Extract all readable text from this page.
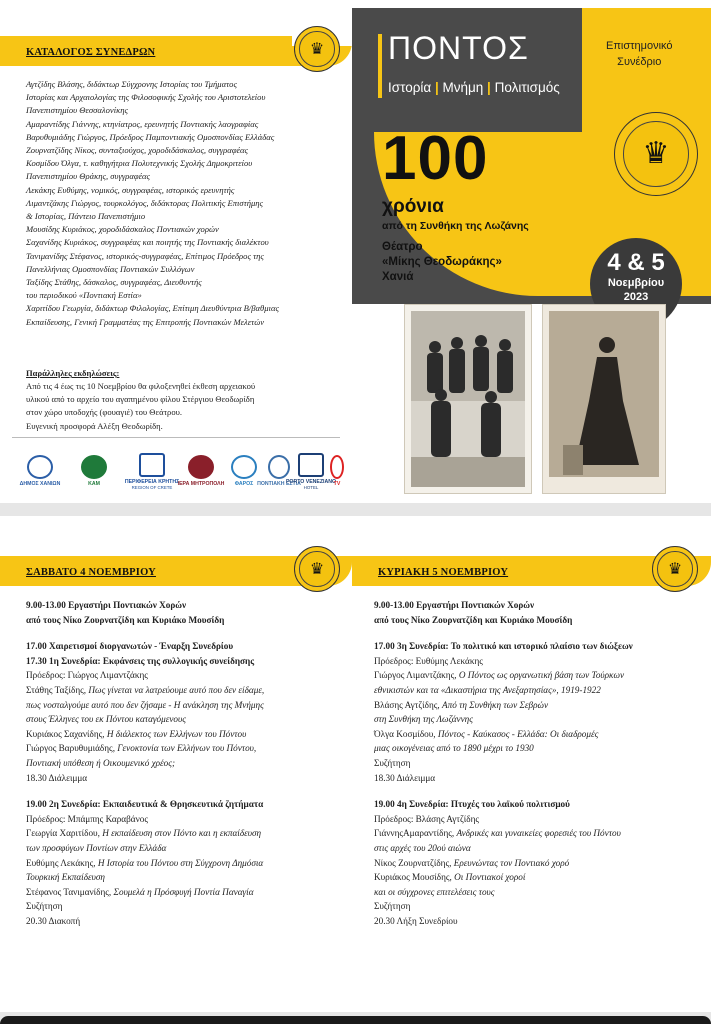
ΚΑΤΑΛΟΓΟΣ ΣΥΝΕΔΡΩΝ	♛
Αγτζίδης Βλάσης, διδάκτωρ Σύγχρονης Ιστορίας του Τμήματος
Ιστορίας και Αρχαιολογίας της Φιλοσοφικής Σχολής του Αριστοτελείου
Πανεπιστημίου Θεσσαλονίκης
Αμαραντίδης Γιάννης, κτηνίατρος, ερευνητής Ποντιακής λαογραφίας
Βαρυθυμιάδης Γιώργος, Πρόεδρος Παμποντιακής Ομοσπονδίας Ελλάδας
Ζουρνατζίδης Νίκος, συνταξιούχος, χοροδιδάσκαλος, συγγραφέας
Κοσμίδου Όλγα, τ. καθηγήτρια Πολυτεχνικής Σχολής Δημοκριτείου
Πανεπιστημίου Θράκης, συγγραφέας
Λεκάκης Ευθύμης, νομικός, συγγραφέας, ιστορικός ερευνητής
Λιμαντζάκης Γιώργος, τουρκολόγος, διδάκτορας Πολιτικής Επιστήμης
& Ιστορίας, Πάντειο Πανεπιστήμιο
Μουσίδης Κυριάκος, χοροδιδάσκαλος Ποντιακών χορών
Σαχανίδης Κυριάκος, συγγραφέας και ποιητής της Ποντιακής διαλέκτου
Τανιμανίδης Στέφανος, ιστορικός-συγγραφέας, Επίτιμος Πρόεδρος της
Πανελλήνιας Ομοσπονδίας Ποντιακών Συλλόγων
Ταξίδης Στάθης, δάσκαλος, συγγραφέας, Διευθυντής
του περιοδικού «Ποντιακή Εστία»
Χαριτίδου Γεωργία, διδάκτωρ Φιλολογίας, Επίτιμη Διευθύντρια Β/βαθμιας
Εκπαίδευσης, Γενική Γραμματέας της Επιτροπής Ποντιακών Μελετών
Παράλληλες εκδηλώσεις:
Από τις 4 έως τις 10 Νοεμβρίου θα φιλοξενηθεί έκθεση αρχειακού
υλικού από το αρχείο του αγαπημένου φίλου Στέργιου Θεοδωρίδη
στον χώρο υποδοχής (φουαγιέ) του Θεάτρου.
Ευγενική προσφορά Αλέξη Θεοδωρίδη.
ΔΗΜΟΣ ΧΑΝΙΩΝ	ΚΑΜ	ΠΕΡΙΦΕΡΕΙΑ ΚΡΗΤΗΣ
REGION OF CRETE ΙΕΡΑ ΜΗΤΡΟΠΟΛΗ ΦΑΡΟΣ ΠΟΝΤΙΑΚΗ ΕΣΤΙΑ
PORTO VENEZIANO
HOTEL	TV
ΠΟΝΤΟΣ
Ιστορία | Μνήμη | Πολιτισμός
Επιστημονικό
Συνέδριο
♛
100
χρόνια
από τη Συνθήκη της Λωζάνης
Θέατρο
«Μίκης Θεοδωράκης»
Χανιά
4 & 5
Νοεμβρίου
2023
ΣΑΒΒΑΤΟ 4 ΝΟΕΜΒΡΙΟΥ	♛
9.00-13.00 Εργαστήρι Ποντιακών Χορών
από τους Νίκο Ζουρνατζίδη και Κυριάκο Μουσίδη
17.00 Χαιρετισμοί διοργανωτών - Έναρξη Συνεδρίου
17.30 1η Συνεδρία: Εκφάνσεις της συλλογικής συνείδησης
Πρόεδρος: Γιώργος Λιμαντζάκης
Στάθης Ταξίδης, Πως γίνεται να λατρεύουμε αυτό που δεν είδαμε,
πως νοσταλγούμε αυτό που δεν ζήσαμε - Η ανάκληση της Μνήμης
στους Έλληνες του εκ Πόντου καταγόμενους
Κυριάκος Σαχανίδης, Η διάλεκτος των Ελλήνων του Πόντου
Γιώργος Βαρυθυμιάδης, Γενοκτονία των Ελλήνων του Πόντου,
Ποντιακή υπόθεση ή Οικουμενικό χρέος;
18.30 Διάλειμμα
19.00 2η Συνεδρία: Εκπαιδευτικά & Θρησκευτικά ζητήματα
Πρόεδρος: Μπάμπης Καραβάνος
Γεωργία Χαριτίδου, Η εκπαίδευση στον Πόντο και η εκπαίδευση
των προσφύγων Ποντίων στην Ελλάδα
Ευθύμης Λεκάκης, Η Ιστορία του Πόντου στη Σύγχρονη Δημόσια
Τουρκική Εκπαίδευση
Στέφανος Τανιμανίδης, Σουμελά η Πρόσφυγή Ποντία Παναγία
Συζήτηση
20.30 Διακοπή
ΚΥΡΙΑΚΗ 5 ΝΟΕΜΒΡΙΟΥ	♛
9.00-13.00 Εργαστήρι Ποντιακών Χορών
από τους Νίκο Ζουρνατζίδη και Κυριάκο Μουσίδη
17.00 3η Συνεδρία: Το πολιτικό και ιστορικό πλαίσιο των διώξεων
Πρόεδρος: Ευθύμης Λεκάκης
Γιώργος Λιμαντζάκης, Ο Πόντος ως οργανωτική βάση των Τούρκων
εθνικιστών και τα «Δικαστήρια της Ανεξαρτησίας», 1919-1922
Βλάσης Αγτζίδης, Από τη Συνθήκη των Σεβρών
στη Συνθήκη της Λωζάννης
Όλγα Κοσμίδου, Πόντος - Καύκασος - Ελλάδα: Οι διαδρομές
μιας οικογένειας από το 1890 μέχρι το 1930
Συζήτηση
18.30 Διάλειμμα
19.00 4η Συνεδρία: Πτυχές του λαϊκού πολιτισμού
Πρόεδρος: Βλάσης Αγτζίδης
ΓιάννηςΑμαραντίδης, Ανδρικές και γυναικείες φορεσιές του Πόντου
στις αρχές του 20ού αιώνα
Νίκος Ζουρνατζίδης, Ερευνώντας τον Ποντιακό χορό
Κυριάκος Μουσίδης, Οι Ποντιακοί χοροί
και οι σύγχρονες επιτελέσεις τους
Συζήτηση
20.30 Λήξη Συνεδρίου
